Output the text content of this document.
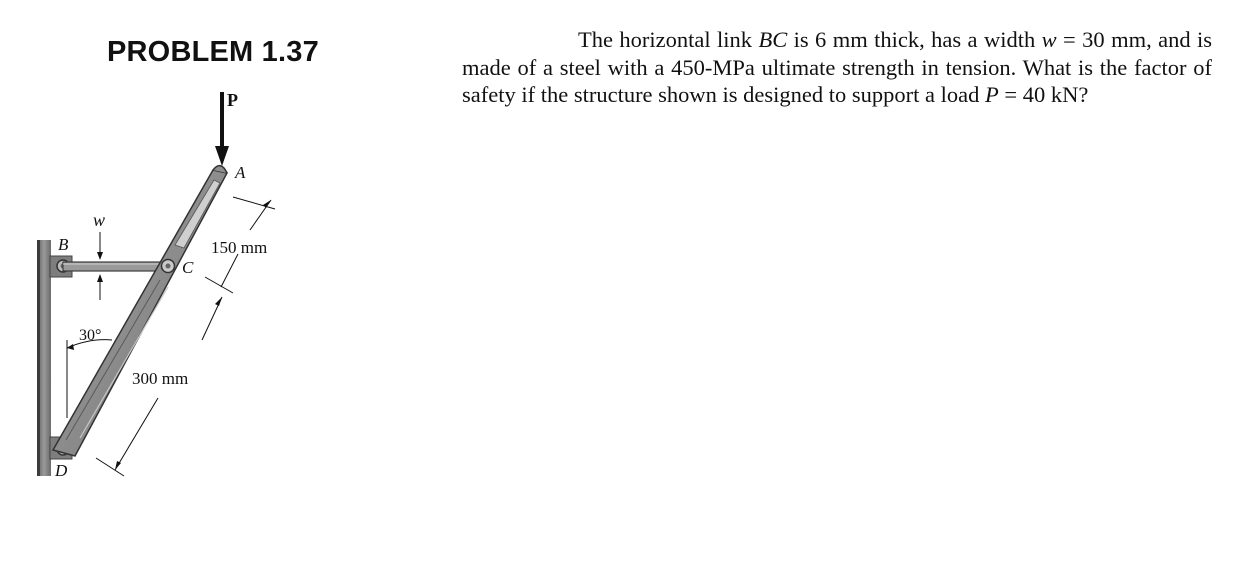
PROBLEM 1.37	The horizontal link BC is 6 mm thick, has a width w = 30 mm, and is made of a steel with a 450-MPa ultimate strength in tension. What is the factor of safety if the structure shown is designed to support a load P = 40 kN?

P
A
B
C
D
w
30°
150 mm
300 mm
